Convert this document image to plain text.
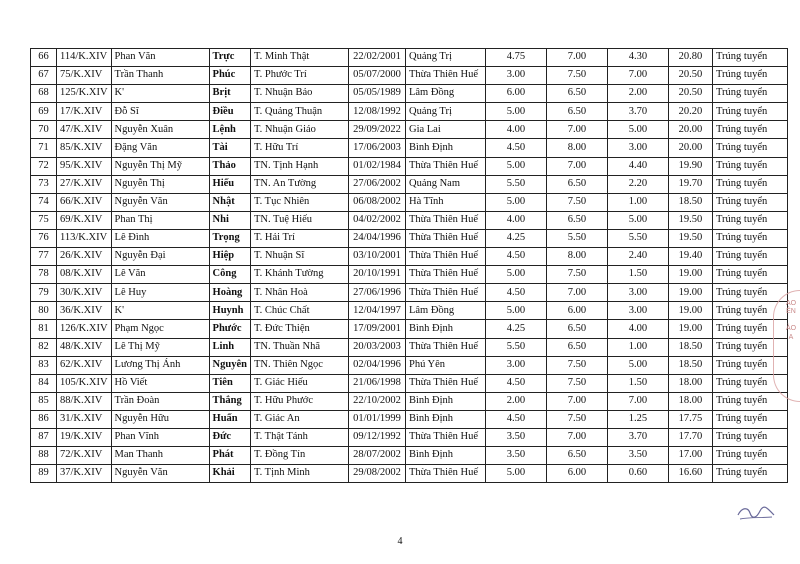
66	114/K.XIV	Phan Văn	Trực	T. Minh Thật	22/02/2001	Quảng Trị	4.75	7.00	4.30	20.80	Trúng tuyển
67	75/K.XIV	Trần Thanh	Phúc	T. Phước Trí	05/07/2000	Thừa Thiên Huế	3.00	7.50	7.00	20.50	Trúng tuyển
68	125/K.XIV	K'	Brịt	T. Nhuận Bảo	05/05/1989	Lâm Đồng	6.00	6.50	2.00	20.50	Trúng tuyển
69	17/K.XIV	Đỗ Sĩ	Điều	T. Quảng Thuận	12/08/1992	Quảng Trị	5.00	6.50	3.70	20.20	Trúng tuyển
70	47/K.XIV	Nguyễn Xuân	Lệnh	T. Nhuận Giáo	29/09/2022	Gia Lai	4.00	7.00	5.00	20.00	Trúng tuyển
71	85/K.XIV	Đặng Văn	Tài	T. Hữu Trí	17/06/2003	Bình Định	4.50	8.00	3.00	20.00	Trúng tuyển
72	95/K.XIV	Nguyễn Thị Mỹ	Thảo	TN. Tịnh Hạnh	01/02/1984	Thừa Thiên Huế	5.00	7.00	4.40	19.90	Trúng tuyển
73	27/K.XIV	Nguyễn Thị	Hiếu	TN. An Tường	27/06/2002	Quảng Nam	5.50	6.50	2.20	19.70	Trúng tuyển
74	66/K.XIV	Nguyễn Văn	Nhật	T. Tục Nhiên	06/08/2002	Hà Tĩnh	5.00	7.50	1.00	18.50	Trúng tuyển
75	69/K.XIV	Phan Thị	Nhi	TN. Tuệ Hiếu	04/02/2002	Thừa Thiên Huế	4.00	6.50	5.00	19.50	Trúng tuyển
76	113/K.XIV	Lê Đình	Trọng	T. Hải Trí	24/04/1996	Thừa Thiên Huế	4.25	5.50	5.50	19.50	Trúng tuyển
77	26/K.XIV	Nguyễn Đại	Hiệp	T. Nhuận Sĩ	03/10/2001	Thừa Thiên Huế	4.50	8.00	2.40	19.40	Trúng tuyển
78	08/K.XIV	Lê Văn	Công	T. Khánh Tường	20/10/1991	Thừa Thiên Huế	5.00	7.50	1.50	19.00	Trúng tuyển
79	30/K.XIV	Lê Huy	Hoàng	T. Nhân Hoà	27/06/1996	Thừa Thiên Huế	4.50	7.00	3.00	19.00	Trúng tuyển
80	36/K.XIV	K'	Huynh	T. Chúc Chất	12/04/1997	Lâm Đồng	5.00	6.00	3.00	19.00	Trúng tuyển
81	126/K.XIV	Phạm Ngọc	Phước	T. Đức Thiện	17/09/2001	Bình Định	4.25	6.50	4.00	19.00	Trúng tuyển
82	48/K.XIV	Lê Thị Mỹ	Linh	TN. Thuần Nhã	20/03/2003	Thừa Thiên Huế	5.50	6.50	1.00	18.50	Trúng tuyển
83	62/K.XIV	Lương Thị Ánh	Nguyên	TN. Thiên Ngọc	02/04/1996	Phú Yên	3.00	7.50	5.00	18.50	Trúng tuyển
84	105/K.XIV	Hồ Viết	Tiên	T. Giác Hiếu	21/06/1998	Thừa Thiên Huế	4.50	7.50	1.50	18.00	Trúng tuyển
85	88/K.XIV	Trần Đoàn	Thắng	T. Hữu Phước	22/10/2002	Bình Định	2.00	7.00	7.00	18.00	Trúng tuyển
86	31/K.XIV	Nguyễn Hữu	Huấn	T. Giác An	01/01/1999	Bình Định	4.50	7.50	1.25	17.75	Trúng tuyển
87	19/K.XIV	Phan Vĩnh	Đức	T. Thật Tánh	09/12/1992	Thừa Thiên Huế	3.50	7.00	3.70	17.70	Trúng tuyển
88	72/K.XIV	Man Thanh	Phát	T. Đồng Tín	28/07/2002	Bình Định	3.50	6.50	3.50	17.00	Trúng tuyển
89	37/K.XIV	Nguyễn Văn	Khải	T. Tịnh Minh	29/08/2002	Thừa Thiên Huế	5.00	6.00	0.60	16.60	Trúng tuyển
4
AO
ÊN

ÀO
A
